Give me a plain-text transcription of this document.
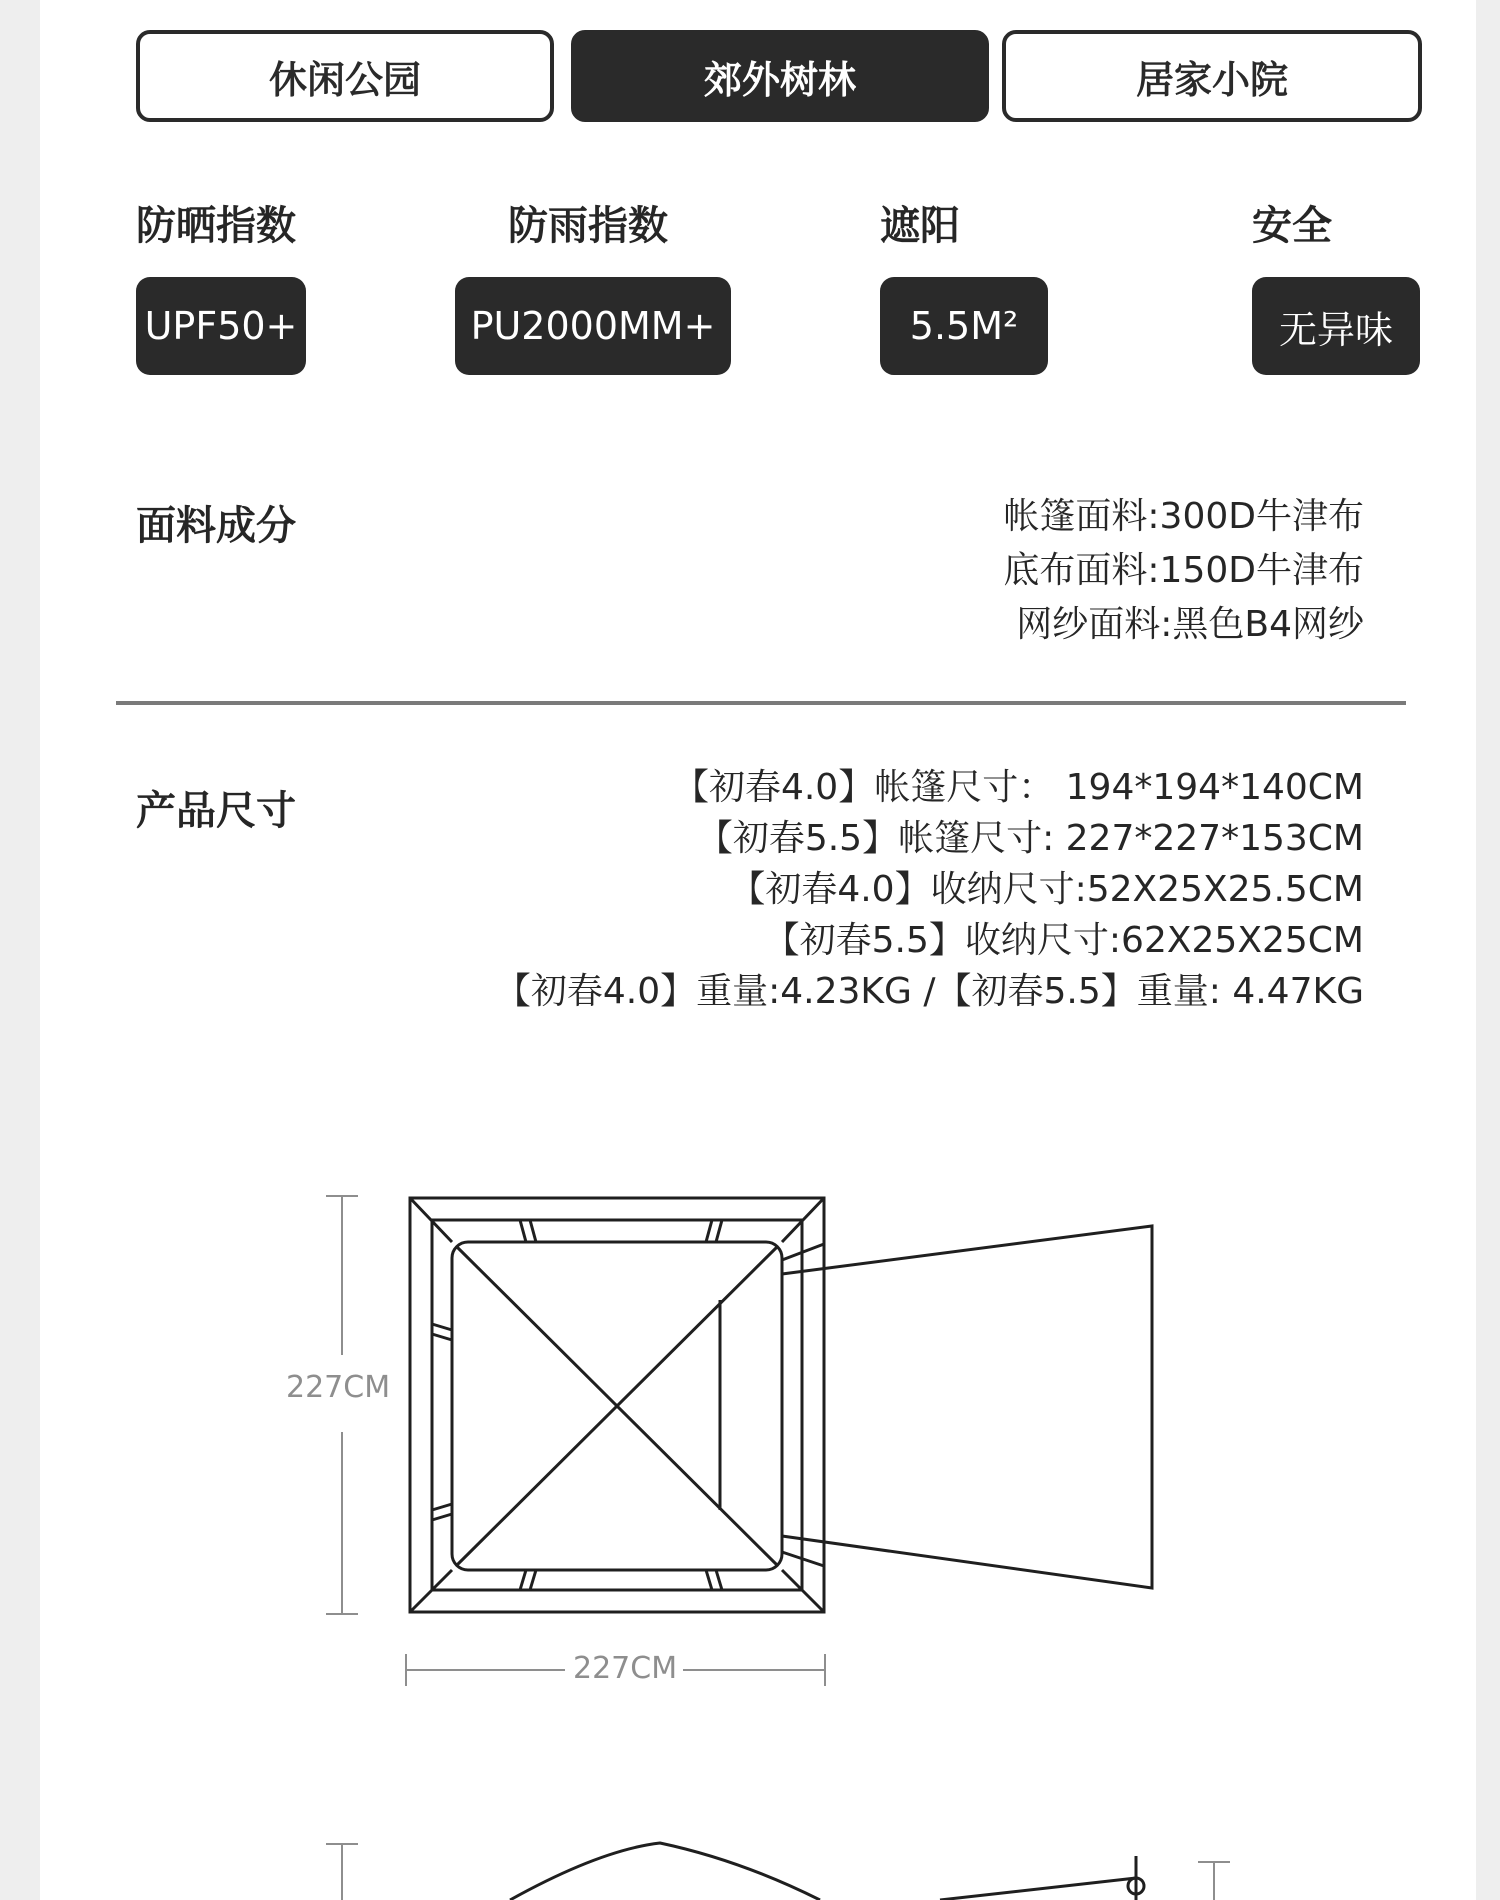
休闲公园	郊外树林	居家小院
防晒指数	防雨指数	遮阳	安全
UPF50+	PU2000MM+	5.5M²	无异味
面料成分	帐篷面料:300D牛津布
底布面料:150D牛津布
网纱面料:黑色B4网纱
产品尺寸
【初春4.0】帐篷尺寸： 194*194*140CM
【初春5.5】帐篷尺寸: 227*227*153CM
【初春4.0】收纳尺寸:52X25X25.5CM
【初春5.5】收纳尺寸:62X25X25CM
【初春4.0】重量:4.23KG /【初春5.5】重量: 4.47KG
227CM
227CM
